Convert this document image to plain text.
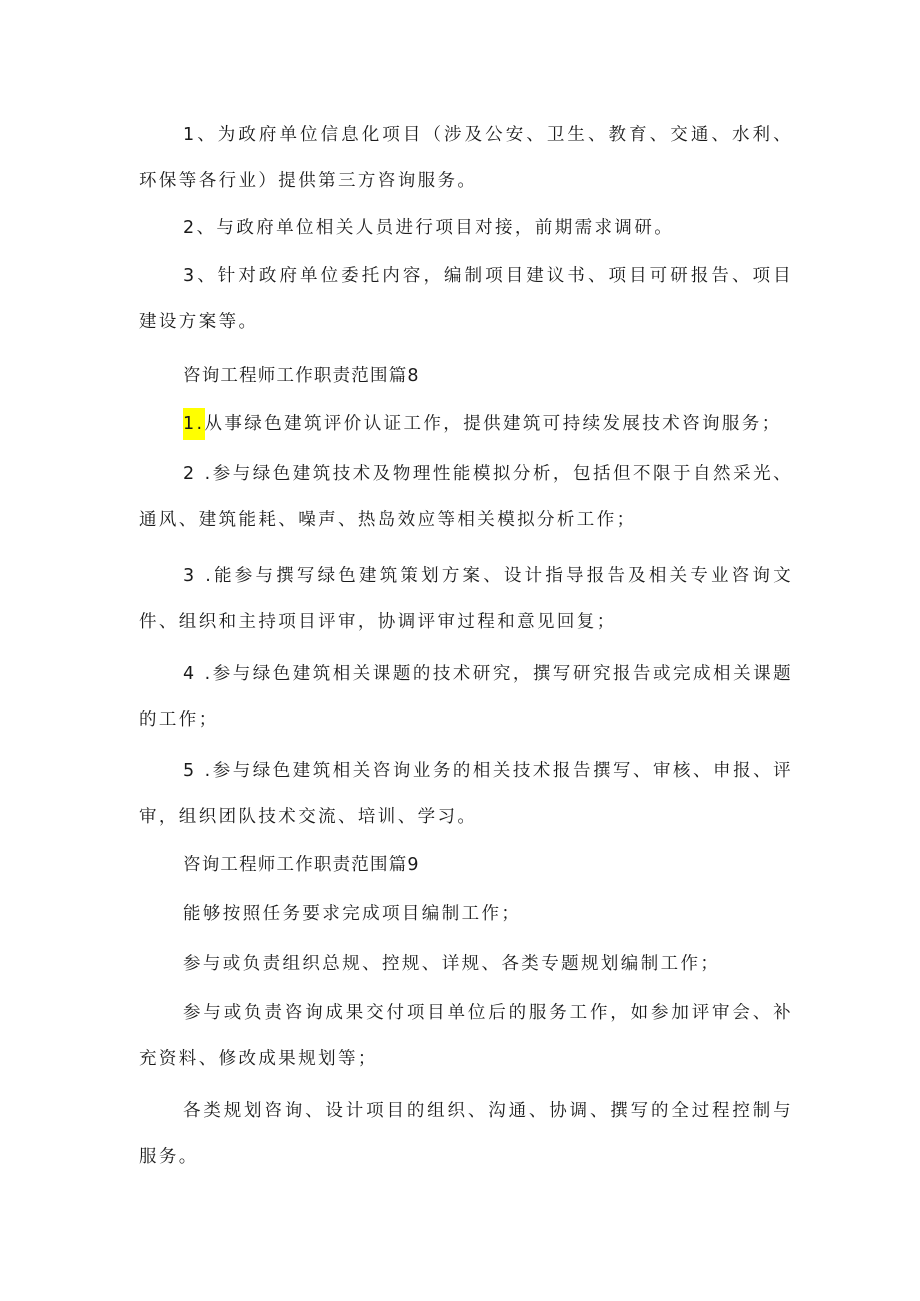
1、为政府单位信息化项目（涉及公安、卫生、教育、交通、水利、环保等各行业）提供第三方咨询服务。

2、与政府单位相关人员进行项目对接，前期需求调研。

3、针对政府单位委托内容，编制项目建议书、项目可研报告、项目建设方案等。

咨询工程师工作职责范围篇8

1.从事绿色建筑评价认证工作，提供建筑可持续发展技术咨询服务；

2 .参与绿色建筑技术及物理性能模拟分析，包括但不限于自然采光、通风、建筑能耗、噪声、热岛效应等相关模拟分析工作；

3 .能参与撰写绿色建筑策划方案、设计指导报告及相关专业咨询文件、组织和主持项目评审，协调评审过程和意见回复；

4 .参与绿色建筑相关课题的技术研究，撰写研究报告或完成相关课题的工作；

5 .参与绿色建筑相关咨询业务的相关技术报告撰写、审核、申报、评审，组织团队技术交流、培训、学习。

咨询工程师工作职责范围篇9

能够按照任务要求完成项目编制工作；

参与或负责组织总规、控规、详规、各类专题规划编制工作；

参与或负责咨询成果交付项目单位后的服务工作，如参加评审会、补充资料、修改成果规划等；

各类规划咨询、设计项目的组织、沟通、协调、撰写的全过程控制与服务。
